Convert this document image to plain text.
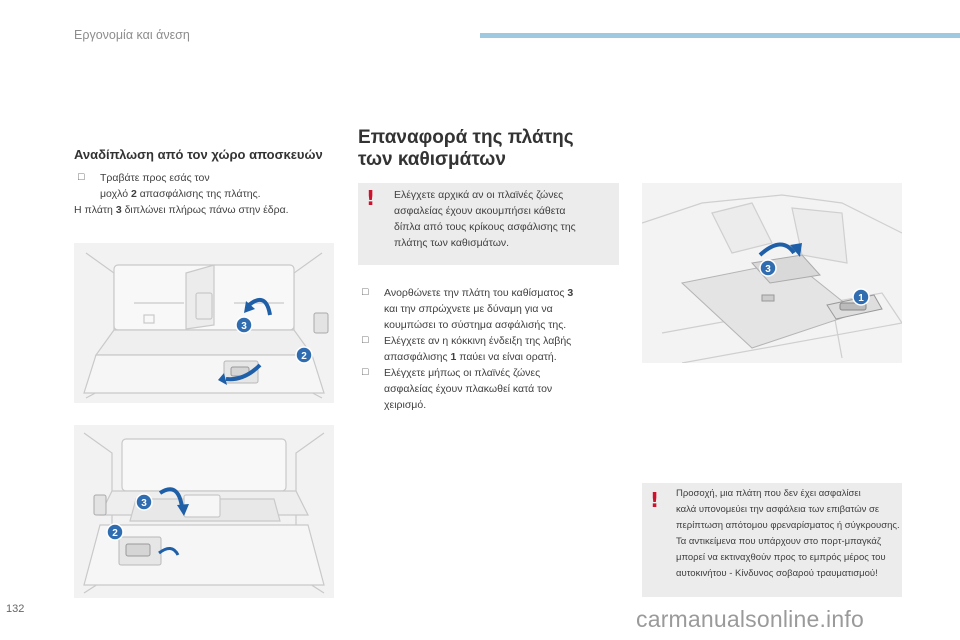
Εργονομία και άνεση
Αναδίπλωση από τον χώρο αποσκευών
□ Τραβάτε προς εσάς τον
μοχλό 2 απασφάλισης της πλάτης.
Η πλάτη 3 διπλώνει πλήρως πάνω στην έδρα.
3
2
3
2
Επαναφορά της πλάτης
των καθισμάτων
! Ελέγχετε αρχικά αν οι πλαϊνές ζώνες
ασφαλείας έχουν ακουμπήσει κάθετα
δίπλα από τους κρίκους ασφάλισης της
πλάτης των καθισμάτων.
□ Ανορθώνετε την πλάτη του καθίσματος 3
και την σπρώχνετε με δύναμη για να
κουμπώσει το σύστημα ασφάλισής της.
□ Ελέγχετε αν η κόκκινη ένδειξη της λαβής
απασφάλισης 1 παύει να είναι ορατή.
□ Ελέγχετε μήπως οι πλαϊνές ζώνες
ασφαλείας έχουν πλακωθεί κατά τον
χειρισμό.
3
1
! Προσοχή, μια πλάτη που δεν έχει ασφαλίσει
καλά υπονομεύει την ασφάλεια των επιβατών σε
περίπτωση απότομου φρεναρίσματος ή σύγκρουσης.
Τα αντικείμενα που υπάρχουν στο πορτ-μπαγκάζ
μπορεί να εκτιναχθούν προς το εμπρός μέρος του
αυτοκινήτου - Κίνδυνος σοβαρού τραυματισμού!
132	carmanualsonline.info
